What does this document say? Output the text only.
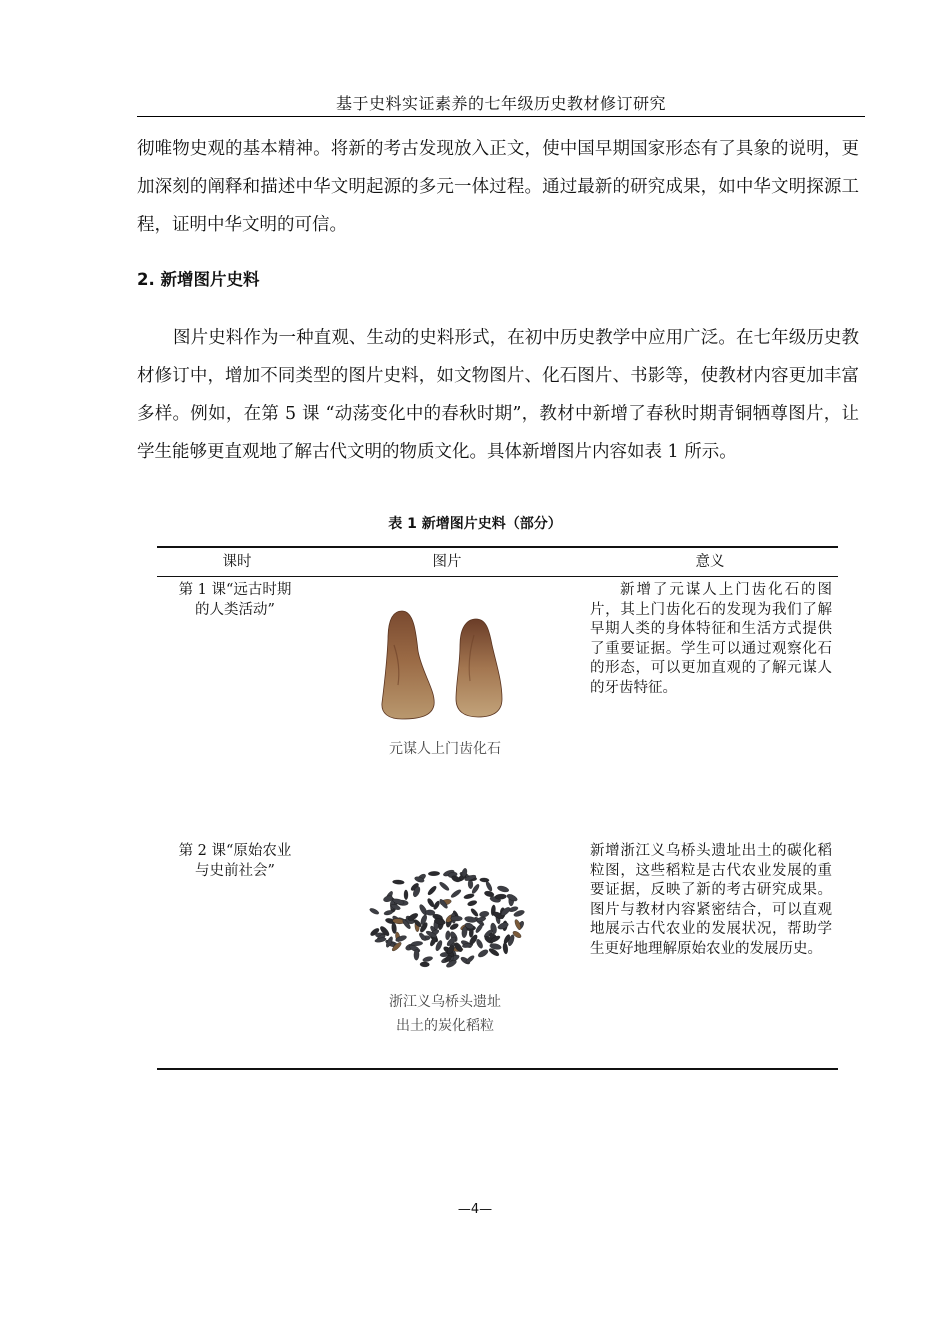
基于史料实证素养的七年级历史教材修订研究

彻唯物史观的基本精神。将新的考古发现放入正文，使中国早期国家形态有了具象的说明，更加深刻的阐释和描述中华文明起源的多元一体过程。通过最新的研究成果，如中华文明探源工程，证明中华文明的可信。

2. 新增图片史料

图片史料作为一种直观、生动的史料形式，在初中历史教学中应用广泛。在七年级历史教材修订中，增加不同类型的图片史料，如文物图片、化石图片、书影等，使教材内容更加丰富多样。例如，在第 5 课 “动荡变化中的春秋时期”，教材中新增了春秋时期青铜牺尊图片，让学生能够更直观地了解古代文明的物质文化。具体新增图片内容如表 1 所示。

表 1 新增图片史料（部分）
课时	图片	意义
第 1 课“远古时期
的人类活动”
元谋人上门齿化石
新增了元谋人上门齿化石的图片，其上门齿化石的发现为我们了解早期人类的身体特征和生活方式提供了重要证据。学生可以通过观察化石的形态，可以更加直观的了解元谋人的牙齿特征。
第 2 课“原始农业
与史前社会”
浙江义乌桥头遗址
出土的炭化稻粒
新增浙江义乌桥头遗址出土的碳化稻粒图，这些稻粒是古代农业发展的重要证据，反映了新的考古研究成果。图片与教材内容紧密结合，可以直观地展示古代农业的发展状况，帮助学生更好地理解原始农业的发展历史。
—4—
